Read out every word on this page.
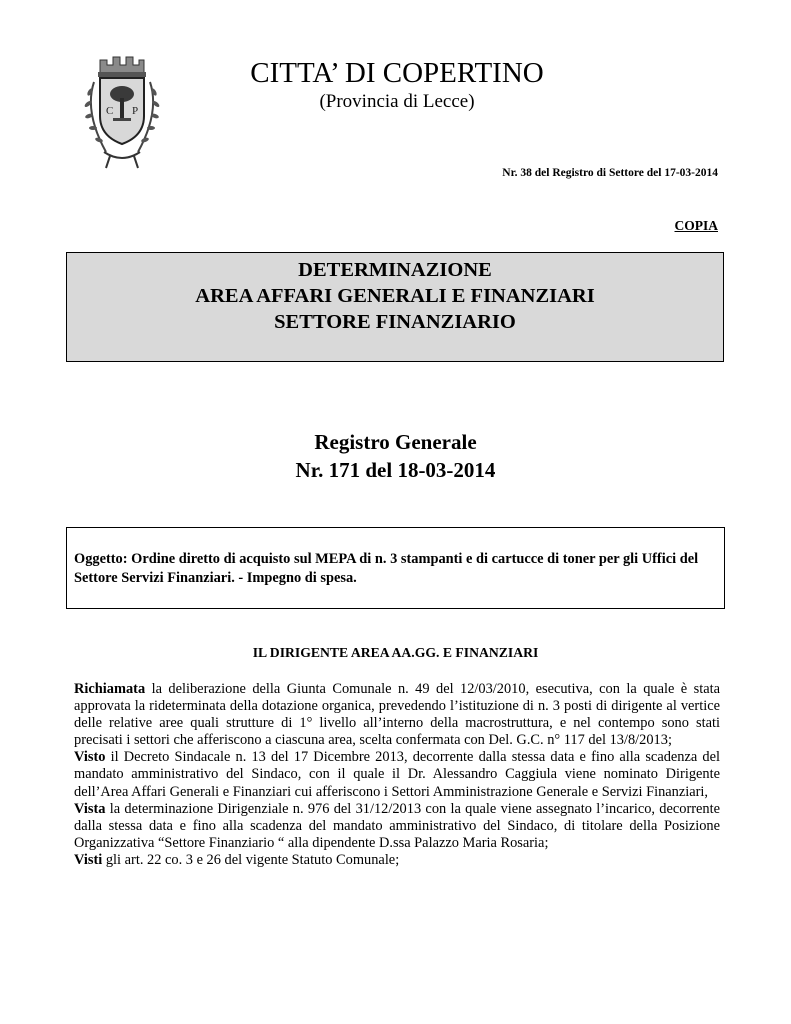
C P
CITTA’ DI COPERTINO
(Provincia di Lecce)
Nr. 38 del Registro di Settore del 17-03-2014
COPIA
DETERMINAZIONE
AREA AFFARI GENERALI E FINANZIARI
SETTORE FINANZIARIO
Registro Generale
Nr. 171 del 18-03-2014
Oggetto: Ordine diretto di acquisto sul MEPA di n. 3 stampanti e di cartucce di toner per gli Uffici del Settore Servizi Finanziari. - Impegno di spesa.
IL DIRIGENTE AREA AA.GG. E FINANZIARI

Richiamata la deliberazione della Giunta Comunale n. 49 del 12/03/2010, esecutiva, con la quale è stata approvata la rideterminata della dotazione organica, prevedendo l’istituzione di n. 3 posti di dirigente al vertice delle relative aree quali strutture di 1° livello all’interno della macrostruttura, e nel contempo sono stati precisati i settori che afferiscono a ciascuna area, scelta confermata con Del. G.C. n° 117 del 13/8/2013;

Visto il Decreto Sindacale n. 13 del 17 Dicembre 2013, decorrente dalla stessa data e fino alla scadenza del mandato amministrativo del Sindaco, con il quale il Dr. Alessandro Caggiula viene nominato Dirigente dell’Area Affari Generali e Finanziari cui afferiscono i Settori Amministrazione Generale e Servizi Finanziari,

Vista la determinazione Dirigenziale n. 976 del 31/12/2013 con la quale viene assegnato l’incarico, decorrente dalla stessa data e fino alla scadenza del mandato amministrativo del Sindaco, di titolare della Posizione Organizzativa “Settore Finanziario “ alla dipendente D.ssa Palazzo Maria Rosaria;

Visti gli art. 22 co. 3 e 26 del vigente Statuto Comunale;
